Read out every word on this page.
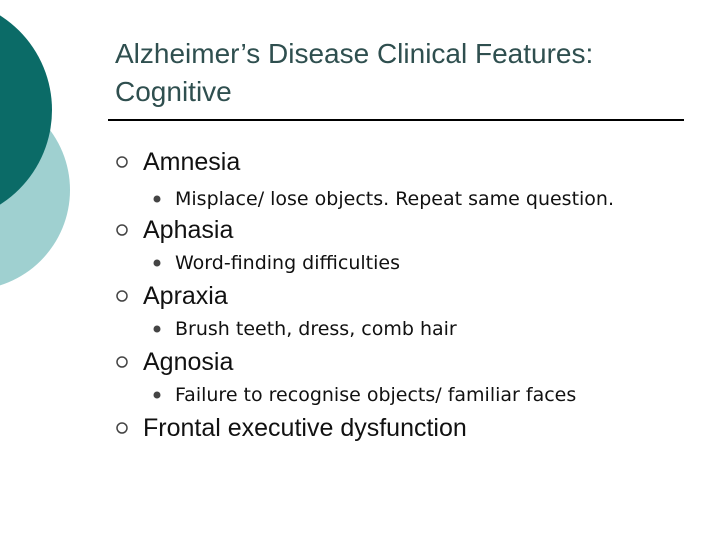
Alzheimer’s Disease Clinical Features:
Cognitive
Amnesia
Misplace/ lose objects. Repeat same question.
Aphasia
Word-finding difficulties
Apraxia
Brush teeth, dress, comb hair
Agnosia
Failure to recognise objects/ familiar faces
Frontal executive dysfunction
